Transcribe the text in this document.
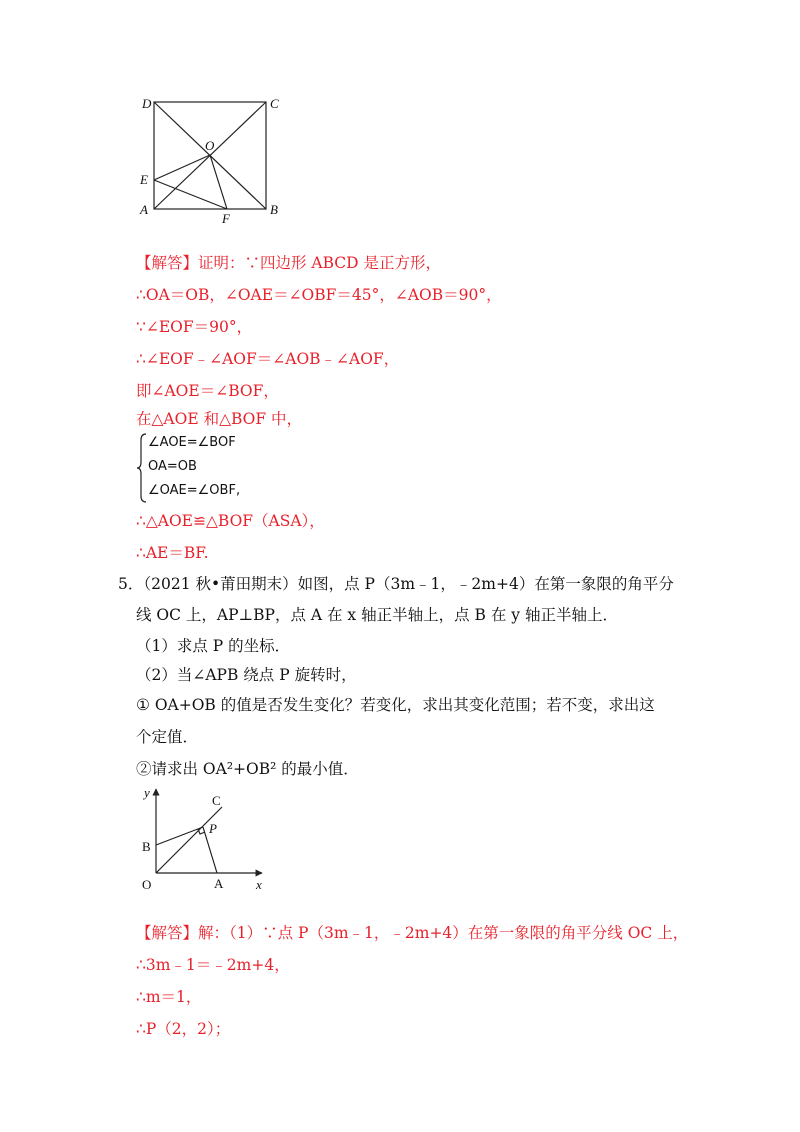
D	C
O
E
A
F
B
【解答】证明：∵四边形 ABCD 是正方形，
∴OA＝OB，∠OAE＝∠OBF＝45°，∠AOB＝90°，
∵∠EOF＝90°，
∴∠EOF﹣∠AOF＝∠AOB﹣∠AOF，
即∠AOE＝∠BOF，
在△AOE 和△BOF 中，
∠AOE=∠BOF
OA=OB
∠OAE=∠OBF,
∴△AOE≌△BOF（ASA），
∴AE＝BF.
5．（2021 秋•莆田期末）如图，点 P（3m﹣1，﹣2m+4）在第一象限的角平分
线 OC 上，AP⊥BP，点 A 在 x 轴正半轴上，点 B 在 y 轴正半轴上．
（1）求点 P 的坐标．
（2）当∠APB 绕点 P 旋转时，
① OA+OB 的值是否发生变化？若变化，求出其变化范围；若不变，求出这
个定值．
②请求出 OA²+OB² 的最小值．
y
C
P
B
O	A	x
【解答】解：（1）∵点 P（3m﹣1，﹣2m+4）在第一象限的角平分线 OC 上，
∴3m﹣1＝﹣2m+4，
∴m＝1，
∴P（2，2）；
